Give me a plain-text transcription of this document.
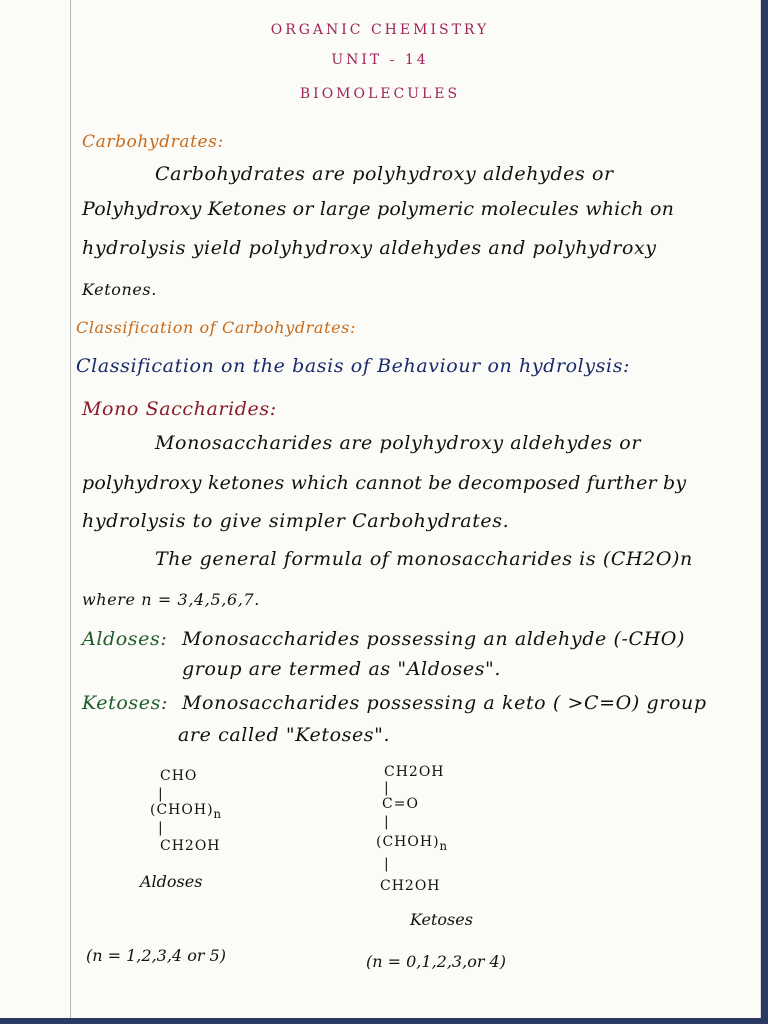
ORGANIC CHEMISTRY
UNIT - 14
BIOMOLECULES
Carbohydrates:
Carbohydrates are polyhydroxy aldehydes or
Polyhydroxy Ketones or large polymeric molecules which on
hydrolysis yield polyhydroxy aldehydes and polyhydroxy
Ketones.
Classification of Carbohydrates:
Classification on the basis of Behaviour on hydrolysis:
Mono Saccharides:
Monosaccharides are polyhydroxy aldehydes or
polyhydroxy ketones which cannot be decomposed further by
hydrolysis to give simpler Carbohydrates.
The general formula of monosaccharides is (CH2O)n
where n = 3,4,5,6,7.
Aldoses: Monosaccharides possessing an aldehyde (-CHO)
group are termed as "Aldoses".
Ketoses: Monosaccharides possessing a keto ( >C=O) group
are called "Ketoses".
CHO
|
$(CHOH)_n$
|
CH2OH
Aldoses
(n = 1,2,3,4 or 5)
CH2OH
|
C=O
|
$(CHOH)_n$
|
CH2OH
Ketoses
(n = 0,1,2,3,or 4)
